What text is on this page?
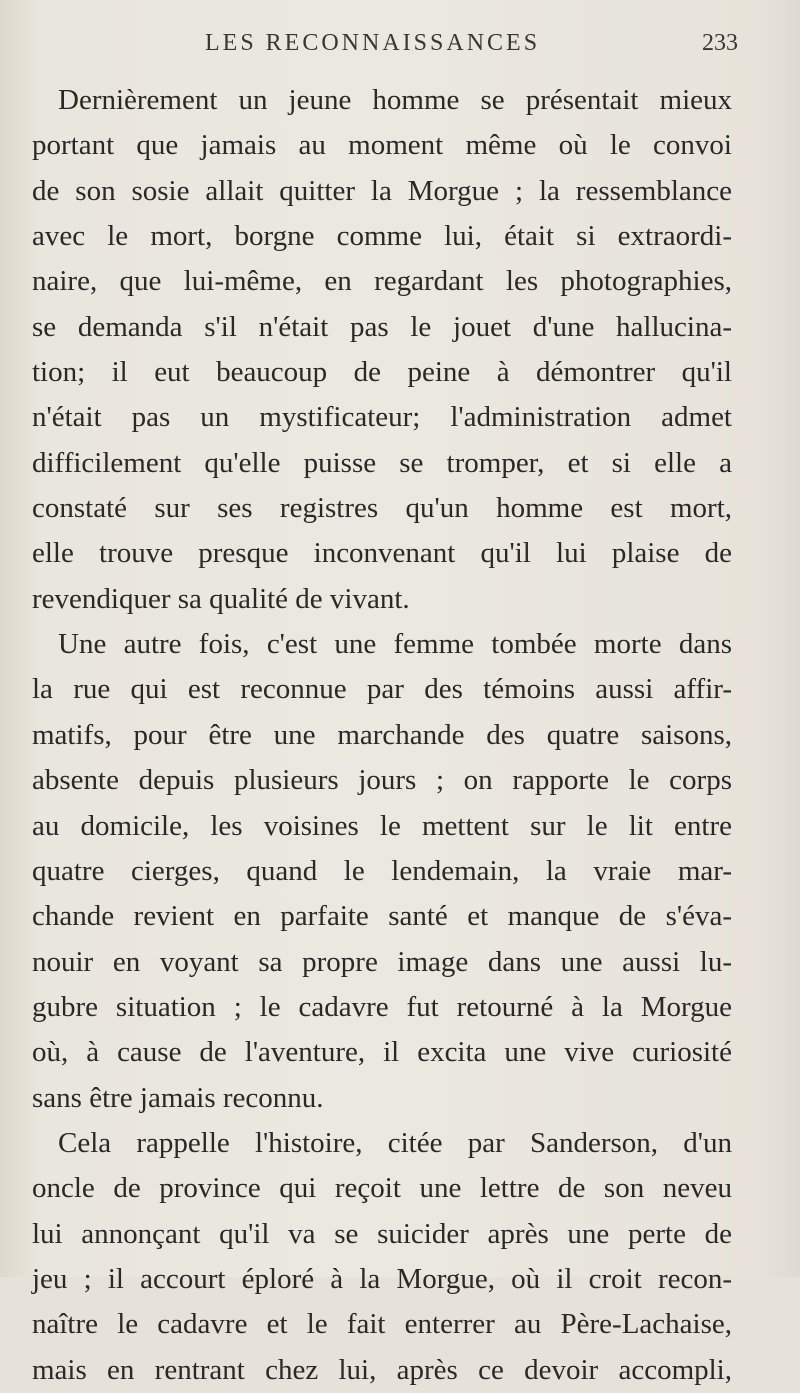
LES RECONNAISSANCES	233
Dernièrement un jeune homme se présentait mieux
portant que jamais au moment même où le convoi
de son sosie allait quitter la Morgue ; la ressemblance
avec le mort, borgne comme lui, était si extraordi-
naire, que lui-même, en regardant les photographies,
se demanda s'il n'était pas le jouet d'une hallucina-
tion; il eut beaucoup de peine à démontrer qu'il
n'était pas un mystificateur; l'administration admet
difficilement qu'elle puisse se tromper, et si elle a
constaté sur ses registres qu'un homme est mort,
elle trouve presque inconvenant qu'il lui plaise de
revendiquer sa qualité de vivant.
Une autre fois, c'est une femme tombée morte dans
la rue qui est reconnue par des témoins aussi affir-
matifs, pour être une marchande des quatre saisons,
absente depuis plusieurs jours ; on rapporte le corps
au domicile, les voisines le mettent sur le lit entre
quatre cierges, quand le lendemain, la vraie mar-
chande revient en parfaite santé et manque de s'éva-
nouir en voyant sa propre image dans une aussi lu-
gubre situation ; le cadavre fut retourné à la Morgue
où, à cause de l'aventure, il excita une vive curiosité
sans être jamais reconnu.
Cela rappelle l'histoire, citée par Sanderson, d'un
oncle de province qui reçoit une lettre de son neveu
lui annonçant qu'il va se suicider après une perte de
jeu ; il accourt éploré à la Morgue, où il croit recon-
naître le cadavre et le fait enterrer au Père-Lachaise,
mais en rentrant chez lui, après ce devoir accompli,
